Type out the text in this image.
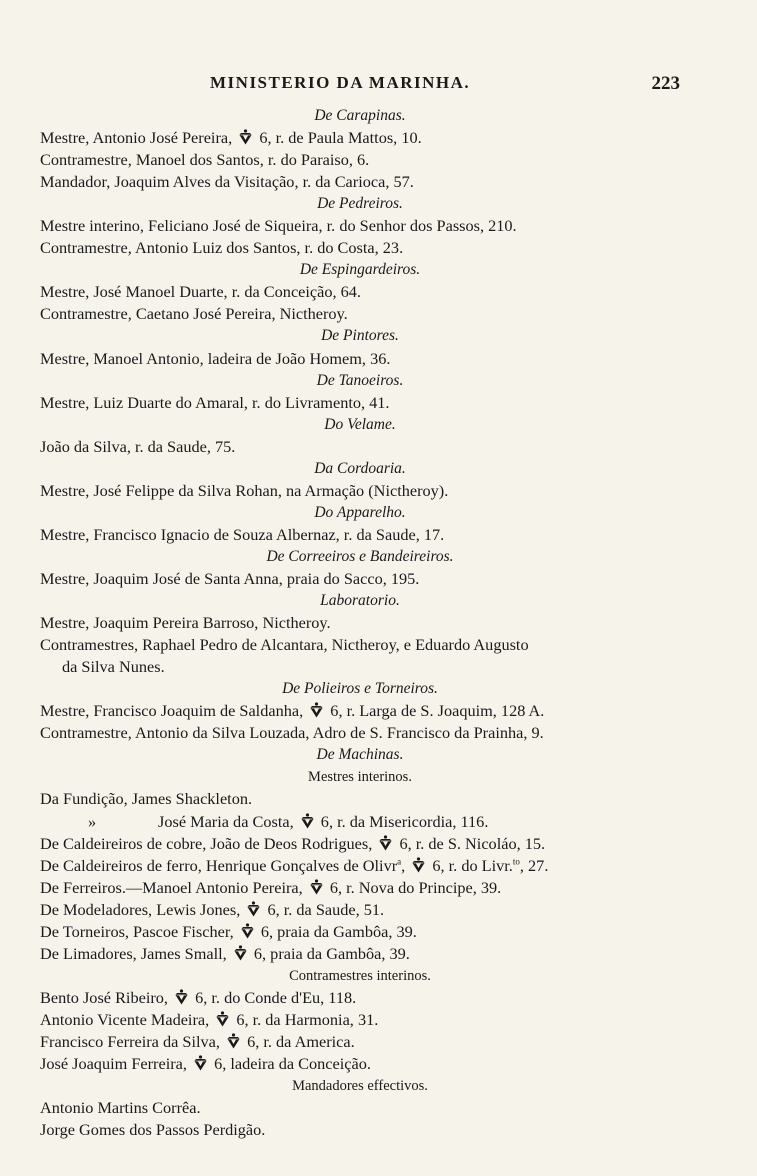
MINISTERIO DA MARINHA.	223
De Carapinas.
Mestre, Antonio José Pereira,
6, r. de Paula Mattos, 10.
Contramestre, Manoel dos Santos, r. do Paraiso, 6.
Mandador, Joaquim Alves da Visitação, r. da Carioca, 57.
De Pedreiros.
Mestre interino, Feliciano José de Siqueira, r. do Senhor dos Passos, 210.
Contramestre, Antonio Luiz dos Santos, r. do Costa, 23.
De Espingardeiros.
Mestre, José Manoel Duarte, r. da Conceição, 64.
Contramestre, Caetano José Pereira, Nictheroy.
De Pintores.
Mestre, Manoel Antonio, ladeira de João Homem, 36.
De Tanoeiros.
Mestre, Luiz Duarte do Amaral, r. do Livramento, 41.
Do Velame.
João da Silva, r. da Saude, 75.
Da Cordoaria.
Mestre, José Felippe da Silva Rohan, na Armação (Nictheroy).
Do Apparelho.
Mestre, Francisco Ignacio de Souza Albernaz, r. da Saude, 17.
De Correeiros e Bandeireiros.
Mestre, Joaquim José de Santa Anna, praia do Sacco, 195.
Laboratorio.
Mestre, Joaquim Pereira Barroso, Nictheroy.
Contramestres, Raphael Pedro de Alcantara, Nictheroy, e Eduardo Augusto
da Silva Nunes.
De Polieiros e Torneiros.
Mestre, Francisco Joaquim de Saldanha,
6, r. Larga de S. Joaquim, 128 A.
Contramestre, Antonio da Silva Louzada, Adro de S. Francisco da Prainha, 9.
De Machinas.
Mestres interinos.
Da Fundição, James Shackleton.
»	José Maria da Costa,
6, r. da Misericordia, 116.
De Caldeireiros de cobre, João de Deos Rodrigues,
6, r. de S. Nicoláo, 15.
De Caldeireiros de ferro, Henrique Gonçalves de Olivr$^a$,
6, r. do Livr.$^{to}$, 27.
De Ferreiros.—Manoel Antonio Pereira,
6, r. Nova do Principe, 39.
De Modeladores, Lewis Jones,
6, r. da Saude, 51.
De Torneiros, Pascoe Fischer,
6, praia da Gambôa, 39.
De Limadores, James Small,
6, praia da Gambôa, 39.
Contramestres interinos.
Bento José Ribeiro,
6, r. do Conde d'Eu, 118.
Antonio Vicente Madeira,
6, r. da Harmonia, 31.
Francisco Ferreira da Silva,
6, r. da America.
José Joaquim Ferreira,
6, ladeira da Conceição.
Mandadores effectivos.
Antonio Martins Corrêa.
Jorge Gomes dos Passos Perdigão.
